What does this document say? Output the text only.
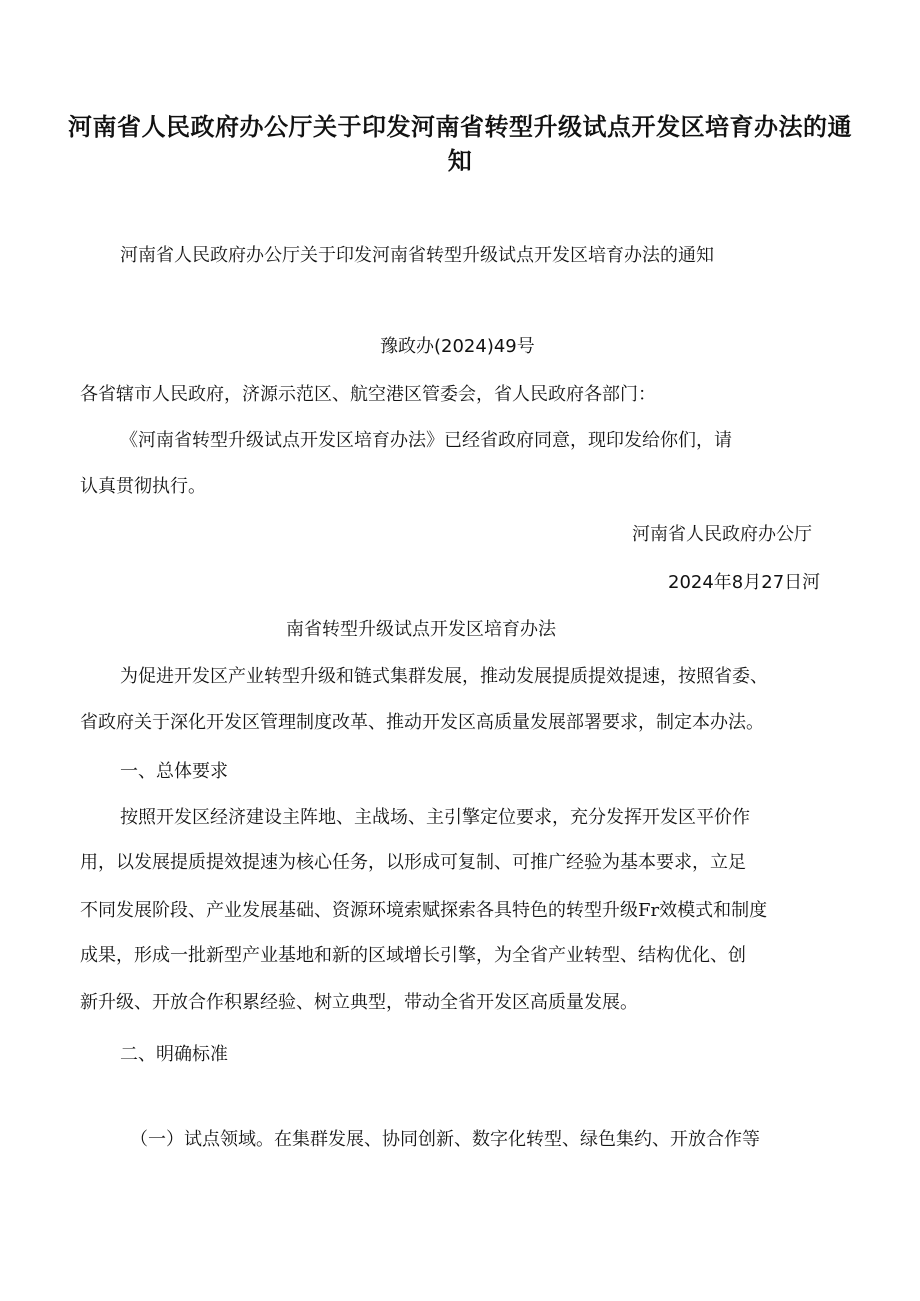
河南省人民政府办公厅关于印发河南省转型升级试点开发区培育办法的通知
河南省人民政府办公厅关于印发河南省转型升级试点开发区培育办法的通知
豫政办(2024)49号
各省辖市人民政府，济源示范区、航空港区管委会，省人民政府各部门：
《河南省转型升级试点开发区培育办法》已经省政府同意，现印发给你们，请
认真贯彻执行。
河南省人民政府办公厅
2024年8月27日河
南省转型升级试点开发区培育办法
为促进开发区产业转型升级和链式集群发展，推动发展提质提效提速，按照省委、
省政府关于深化开发区管理制度改革、推动开发区高质量发展部署要求，制定本办法。
一、总体要求
按照开发区经济建设主阵地、主战场、主引擎定位要求，充分发挥开发区平价作
用，以发展提质提效提速为核心任务，以形成可复制、可推广经验为基本要求，立足
不同发展阶段、产业发展基础、资源环境索赋探索各具特色的转型升级Fr效模式和制度
成果，形成一批新型产业基地和新的区域增长引擎，为全省产业转型、结构优化、创
新升级、开放合作积累经验、树立典型，带动全省开发区高质量发展。
二、明确标准
（一）试点领域。在集群发展、协同创新、数字化转型、绿色集约、开放合作等
